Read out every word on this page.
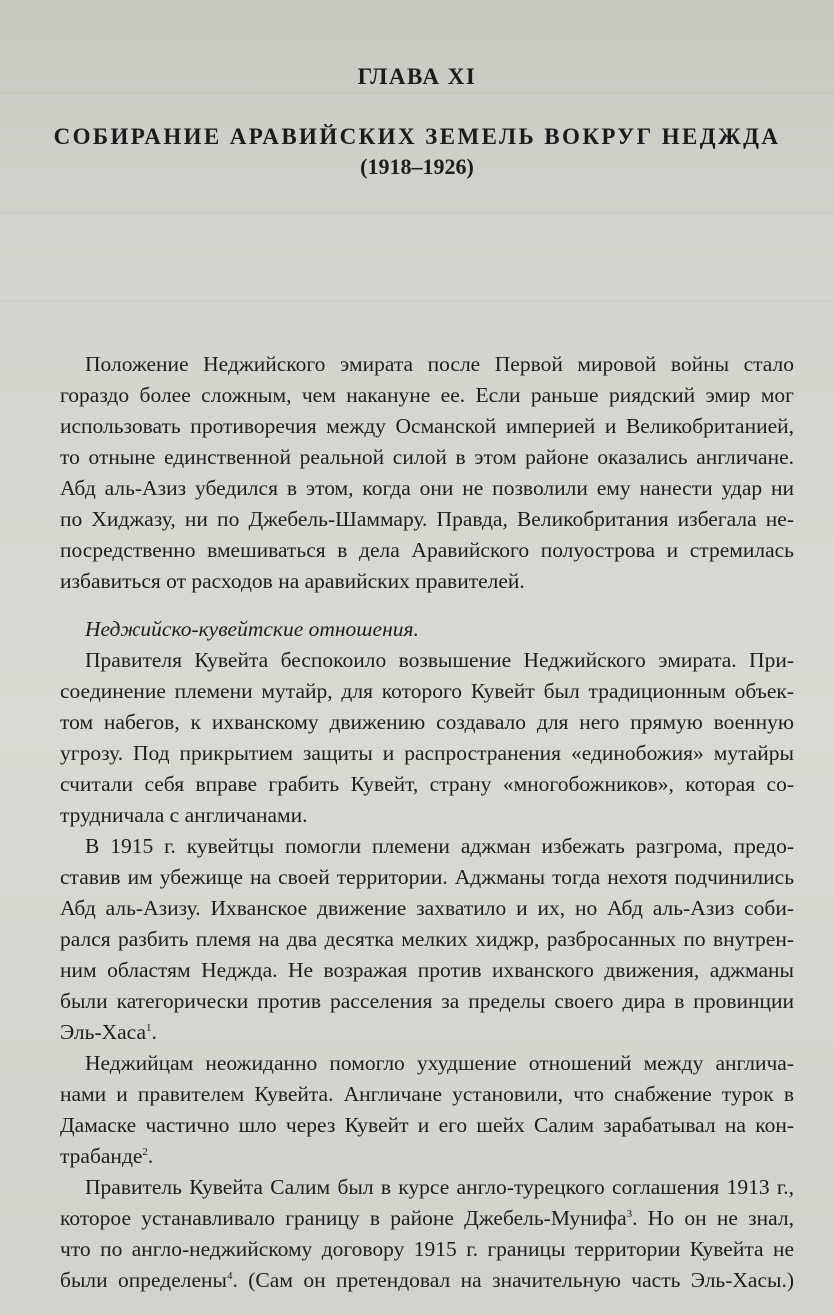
ГЛАВА XI
СОБИРАНИЕ АРАВИЙСКИХ ЗЕМЕЛЬ ВОКРУГ НЕДЖДА
(1918–1926)
Положение Неджийского эмирата после Первой мировой войны стало
гораздо более сложным, чем накануне ее. Если раньше риядский эмир мог
использовать противоречия между Османской империей и Великобританией,
то отныне единственной реальной силой в этом районе оказались англичане.
Абд аль-Азиз убедился в этом, когда они не позволили ему нанести удар ни
по Хиджазу, ни по Джебель-Шаммару. Правда, Великобритания избегала не-
посредственно вмешиваться в дела Аравийского полуострова и стремилась
избавиться от расходов на аравийских правителей.
Неджийско-кувейтские отношения.
Правителя Кувейта беспокоило возвышение Неджийского эмирата. При-
соединение племени мутайр, для которого Кувейт был традиционным объек-
том набегов, к ихванскому движению создавало для него прямую военную
угрозу. Под прикрытием защиты и распространения «единобожия» мутайры
считали себя вправе грабить Кувейт, страну «многобожников», которая со-
трудничала с англичанами.
В 1915 г. кувейтцы помогли племени аджман избежать разгрома, предо-
ставив им убежище на своей территории. Аджманы тогда нехотя подчинились
Абд аль-Азизу. Ихванское движение захватило и их, но Абд аль-Азиз соби-
рался разбить племя на два десятка мелких хиджр, разбросанных по внутрен-
ним областям Неджда. Не возражая против ихванского движения, аджманы
были категорически против расселения за пределы своего дира в провинции
Эль-Хаса$^1$.
Неджийцам неожиданно помогло ухудшение отношений между англича-
нами и правителем Кувейта. Англичане установили, что снабжение турок в
Дамаске частично шло через Кувейт и его шейх Салим зарабатывал на кон-
трабанде$^2$.
Правитель Кувейта Салим был в курсе англо-турецкого соглашения 1913 г.,
которое устанавливало границу в районе Джебель-Мунифа$^3$. Но он не знал,
что по англо-неджийскому договору 1915 г. границы территории Кувейта не
были определены$^4$. (Сам он претендовал на значительную часть Эль-Хасы.)
